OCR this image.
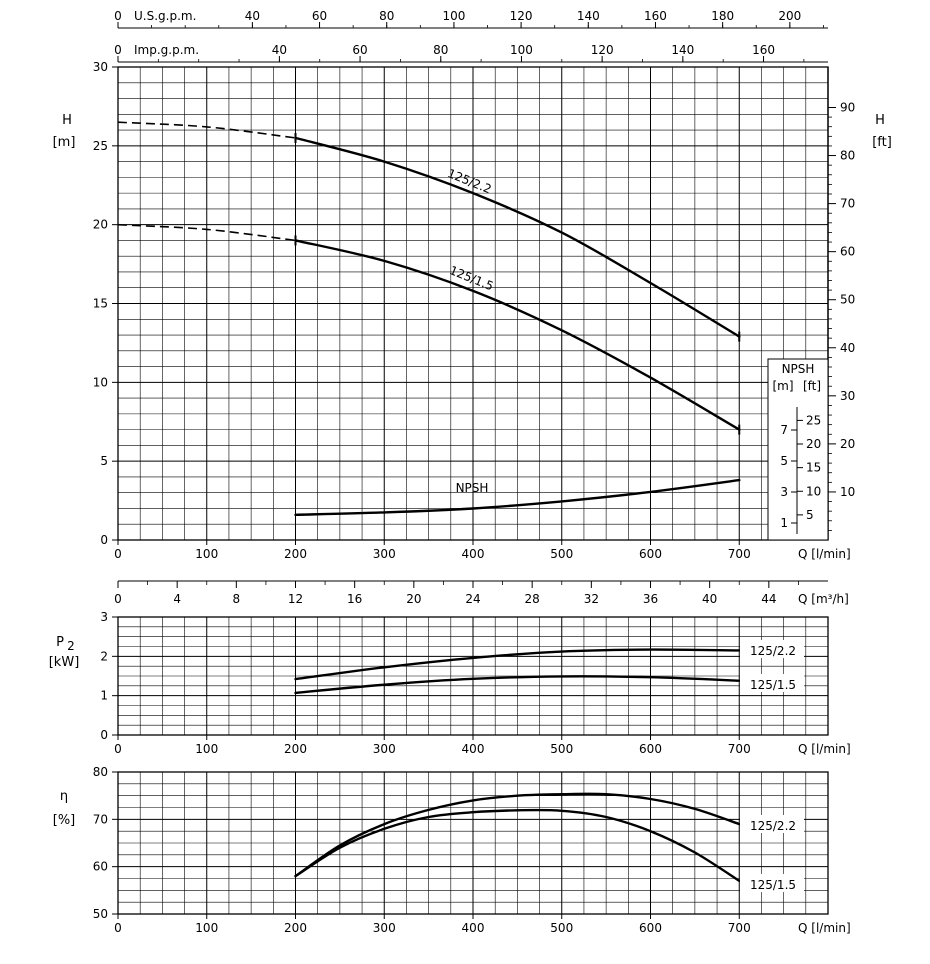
0	100	200	300	400	500	600	700	Q [l/min]
0	100	200	300	400	500	600	700	Q [l/min]
0	100	200	300	400	500	600	700	Q [l/min]
0
5
10
15
20
25
30
0
1
2
3
50
60
70
80
H
[m]
H
[ft]
P 2
[kW]
η
[%]
10
20
30
40
50
60
70
80
90
NPSH
[m] [ft]
1
3
5
7
5
10
15
20
25
0 U.S.g.p.m.	40	60	80	100	120	140	160	180	200
0 Imp.g.p.m.	40	60	80	100	120	140	160
0	4	8	12	16	20	24	28	32	36	40	44 Q [m³/h]
125/2.2
125/1.5
NPSH
125/2.2
125/1.5
125/2.2
125/1.5
